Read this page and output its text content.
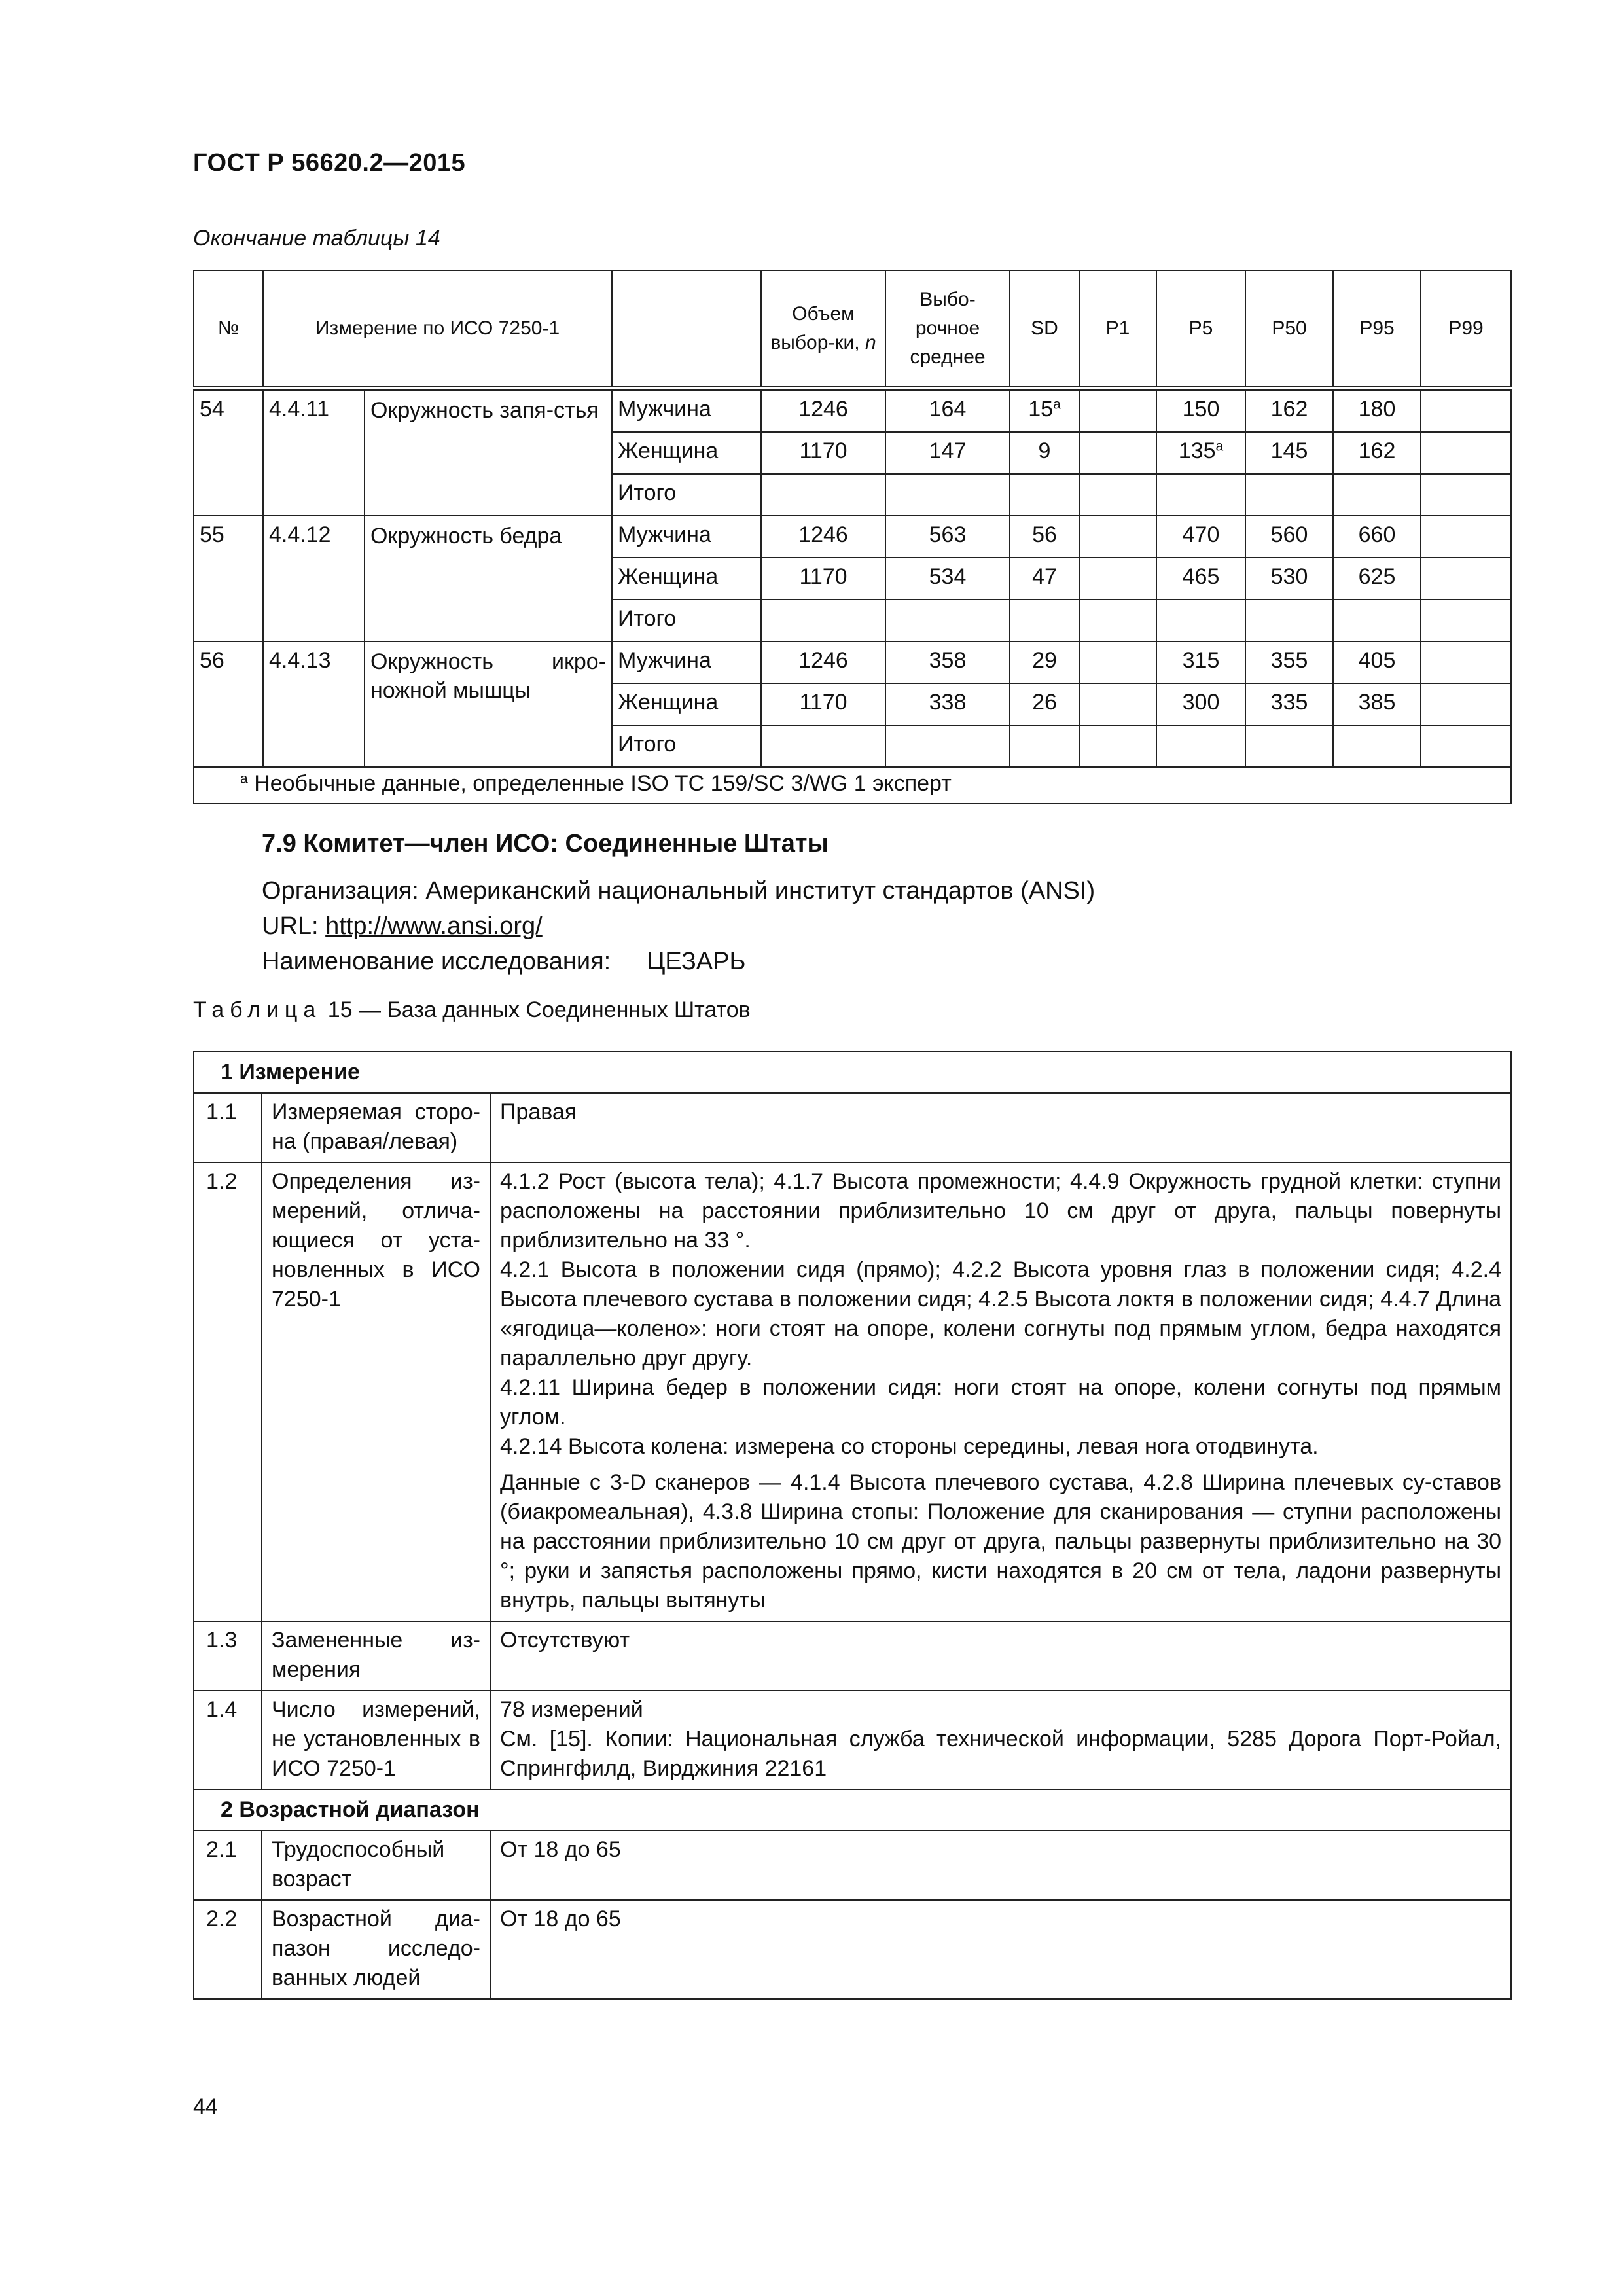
ГОСТ Р 56620.2—2015
Окончание таблицы 14
№	Измерение по ИСО 7250-1			Объем выбор-ки, n	Выбо-рочное среднее	SD	P1	P5	P50	P95	P99
54	4.4.11	Окружность запя-стья	Мужчина	1246	164	15$^a$		150	162	180	
			Женщина	1170	147	9		135$^a$	145	162	
			Итого								
55	4.4.12	Окружность бедра	Мужчина	1246	563	56		470	560	660	
			Женщина	1170	534	47		465	530	625	
			Итого								
56	4.4.13	Окружность икро-ножной мышцы	Мужчина	1246	358	29		315	355	405	
			Женщина	1170	338	26		300	335	385	
			Итого								
$^a$ Необычные данные, определенные ISO TC 159/SC 3/WG 1 эксперт											
7.9 Комитет—член ИСО: Соединенные Штаты
Организация: Американский национальный институт стандартов (ANSI)
URL: http://www.ansi.org/
Наименование исследования: ЦЕЗАРЬ
Таблица 15 — База данных Соединенных Штатов
1 Измерение		
1.1	Измеряемая сторо-на (правая/левая)	Правая

1.2	Определения из-мерений, отлича-ющиеся от уста-новленных в ИСО 7250-1	4.1.2 Рост (высота тела); 4.1.7 Высота промежности; 4.4.9 Окружность грудной клетки: ступни расположены на расстоянии приблизительно 10 см друг от друга, пальцы повернуты приблизительно на 33 °.

4.2.1 Высота в положении сидя (прямо); 4.2.2 Высота уровня глаз в положении сидя; 4.2.4 Высота плечевого сустава в положении сидя; 4.2.5 Высота локтя в положении сидя; 4.4.7 Длина «ягодица—колено»: ноги стоят на опоре, колени согнуты под прямым углом, бедра находятся параллельно друг другу.

4.2.11 Ширина бедер в положении сидя: ноги стоят на опоре, колени согнуты под прямым углом.

4.2.14 Высота колена: измерена со стороны середины, левая нога отодвинута.

Данные с 3-D сканеров — 4.1.4 Высота плечевого сустава, 4.2.8 Ширина плечевых су-ставов (биакромеальная), 4.3.8 Ширина стопы: Положение для сканирования — ступни расположены на расстоянии приблизительно 10 см друг от друга, пальцы развернуты приблизительно на 30 °; руки и запястья расположены прямо, кисти находятся в 20 см от тела, ладони развернуты внутрь, пальцы вытянуты

1.3	Замененные из-мерения	Отсутствуют

1.4	Число измерений, не установленных в ИСО 7250-1	78 измерений

См. [15]. Копии: Национальная служба технической информации, 5285 Дорога Порт-Ройал, Спрингфилд, Вирджиния 22161

2 Возрастной диапазон		
2.1	Трудоспособный возраст	От 18 до 65

2.2	Возрастной диа-пазон исследо-ванных людей	От 18 до 65

44
